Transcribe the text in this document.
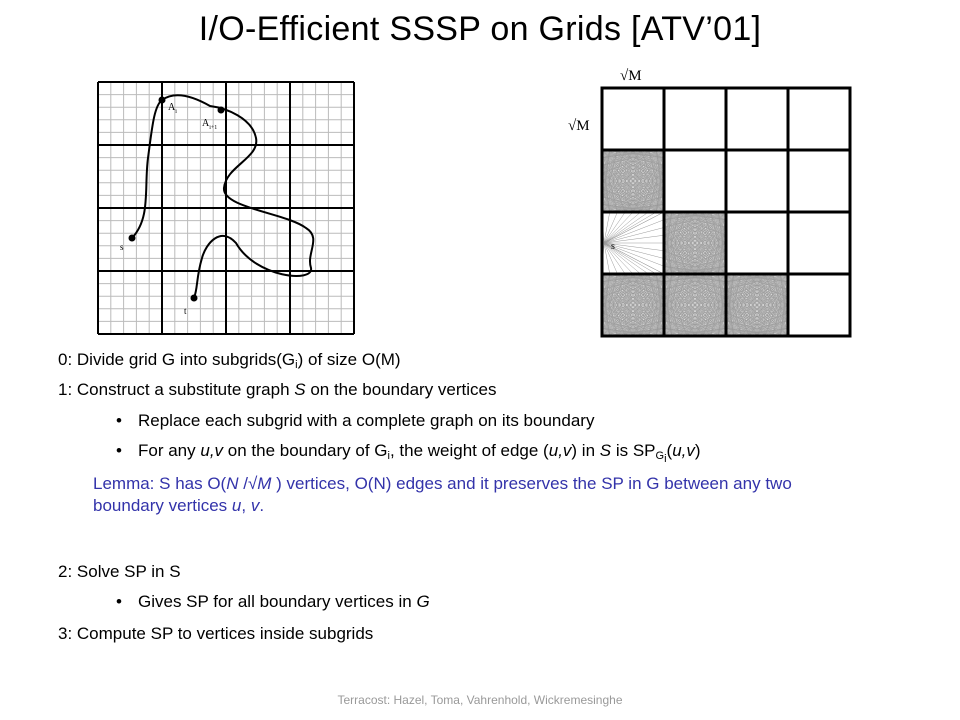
I/O-Efficient SSSP on Grids [ATV’01]
$A_i$
$A_{i+1}$
s
t
√M
√M
s
0: Divide grid G into $subgrids(G_i)$ of size O(M)
1: Construct a substitute graph S on the boundary vertices
• Replace each subgrid with a complete graph on its boundary
• For any u,v on the boundary of $G_i$, the weight of edge (u,v) in S is $SP_{G_i}(u,v)$
Lemma: S has O(N /√M ) vertices, O(N) edges and it preserves the SP in G between any two boundary vertices u, v.
2: Solve SP in S
• Gives SP for all boundary vertices in G
3: Compute SP to vertices inside subgrids
Terracost: Hazel, Toma, Vahrenhold, Wickremesinghe
